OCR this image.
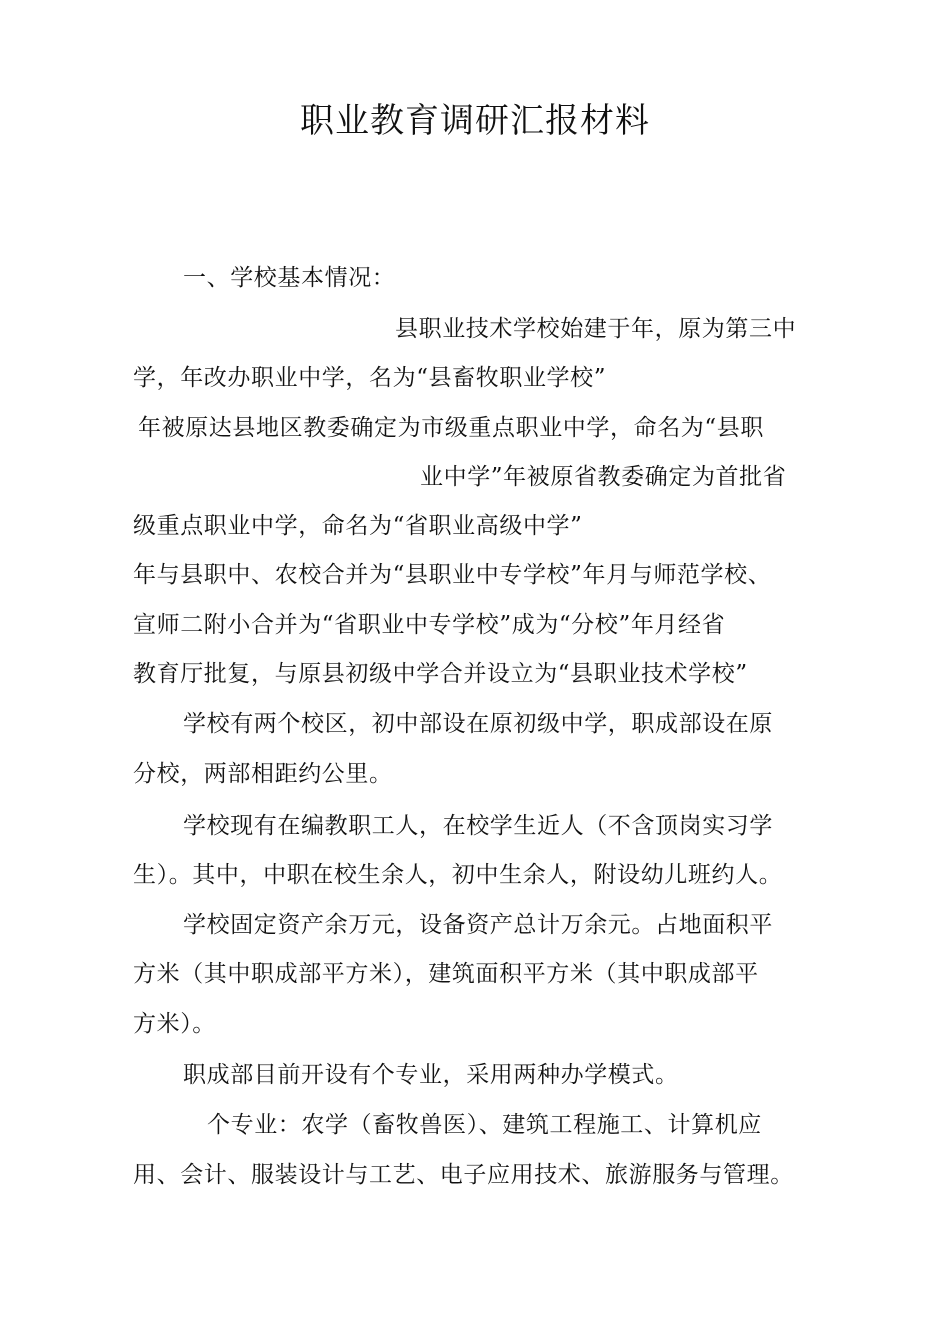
职业教育调研汇报材料
一、学校基本情况：
县职业技术学校始建于年，原为第三中
学，年改办职业中学，名为“县畜牧职业学校”
年被原达县地区教委确定为市级重点职业中学，命名为“县职
业中学”年被原省教委确定为首批省
级重点职业中学，命名为“省职业高级中学”
年与县职中、农校合并为“县职业中专学校”年月与师范学校、
宣师二附小合并为“省职业中专学校”成为“分校”年月经省
教育厅批复，与原县初级中学合并设立为“县职业技术学校”
学校有两个校区，初中部设在原初级中学，职成部设在原
分校，两部相距约公里。
学校现有在编教职工人，在校学生近人（不含顶岗实习学
生）。其中，中职在校生余人，初中生余人，附设幼儿班约人。
学校固定资产余万元，设备资产总计万余元。占地面积平
方米（其中职成部平方米），建筑面积平方米（其中职成部平
方米）。
职成部目前开设有个专业，采用两种办学模式。
个专业：农学（畜牧兽医）、建筑工程施工、计算机应
用、会计、服装设计与工艺、电子应用技术、旅游服务与管理。
